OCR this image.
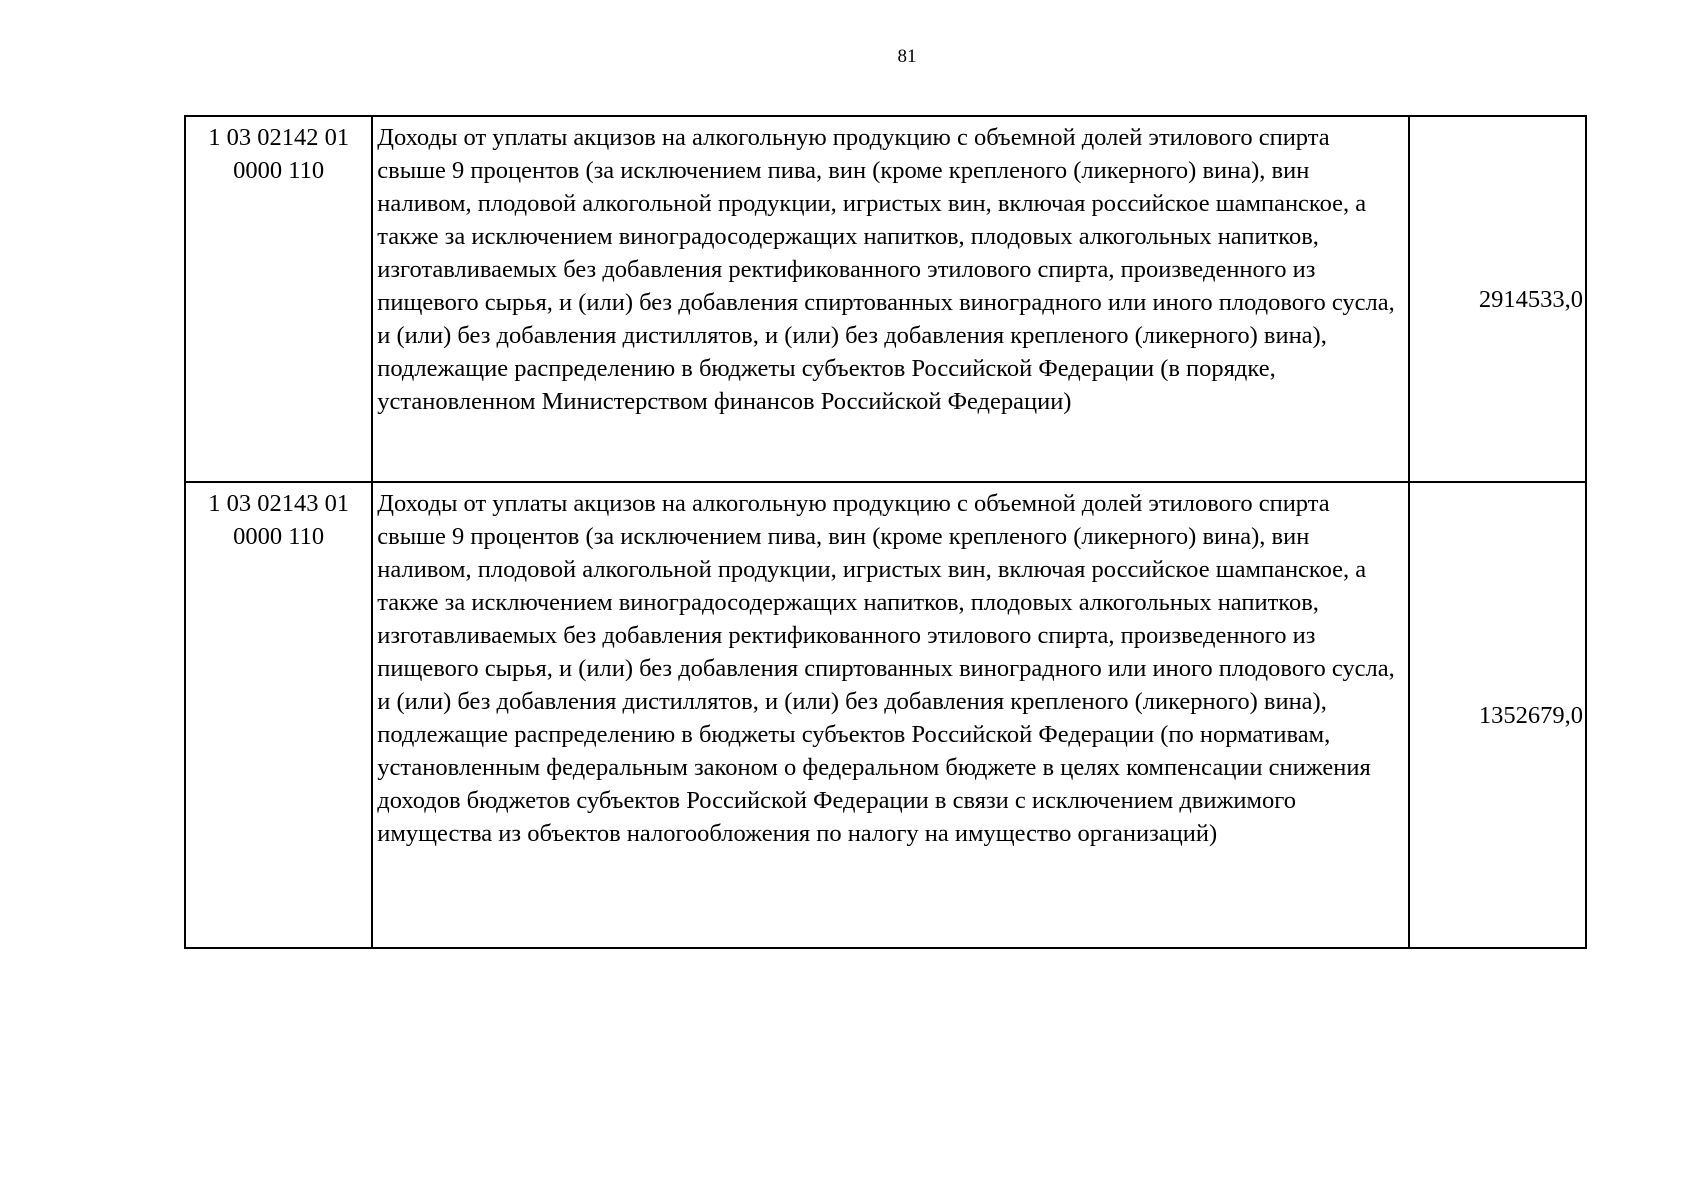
81
1 03 02142 01 0000 110	Доходы от уплаты акцизов на алкогольную продукцию с объемной долей этилового спирта свыше 9 процентов (за исключением пива, вин (кроме крепленого (ликерного) вина), вин наливом, плодовой алкогольной продукции, игристых вин, включая российское шампанское, а также за исключением виноградосодержащих напитков, плодовых алкогольных напитков, изготавливаемых без добавления ректификованного этилового спирта, произведенного из пищевого сырья, и (или) без добавления спиртованных виноградного или иного плодового сусла, и (или) без добавления дистиллятов, и (или) без добавления крепленого (ликерного) вина), подлежащие распределению в бюджеты субъектов Российской Федерации (в порядке, установленном Министерством финансов Российской Федерации)	2914533,0
1 03 02143 01 0000 110	Доходы от уплаты акцизов на алкогольную продукцию с объемной долей этилового спирта свыше 9 процентов (за исключением пива, вин (кроме крепленого (ликерного) вина), вин наливом, плодовой алкогольной продукции, игристых вин, включая российское шампанское, а также за исключением виноградосодержащих напитков, плодовых алкогольных напитков, изготавливаемых без добавления ректификованного этилового спирта, произведенного из пищевого сырья, и (или) без добавления спиртованных виноградного или иного плодового сусла, и (или) без добавления дистиллятов, и (или) без добавления крепленого (ликерного) вина), подлежащие распределению в бюджеты субъектов Российской Федерации (по нормативам, установленным федеральным законом о федеральном бюджете в целях компенсации снижения доходов бюджетов субъектов Российской Федерации в связи с исключением движимого имущества из объектов налогообложения по налогу на имущество организаций)	1352679,0
